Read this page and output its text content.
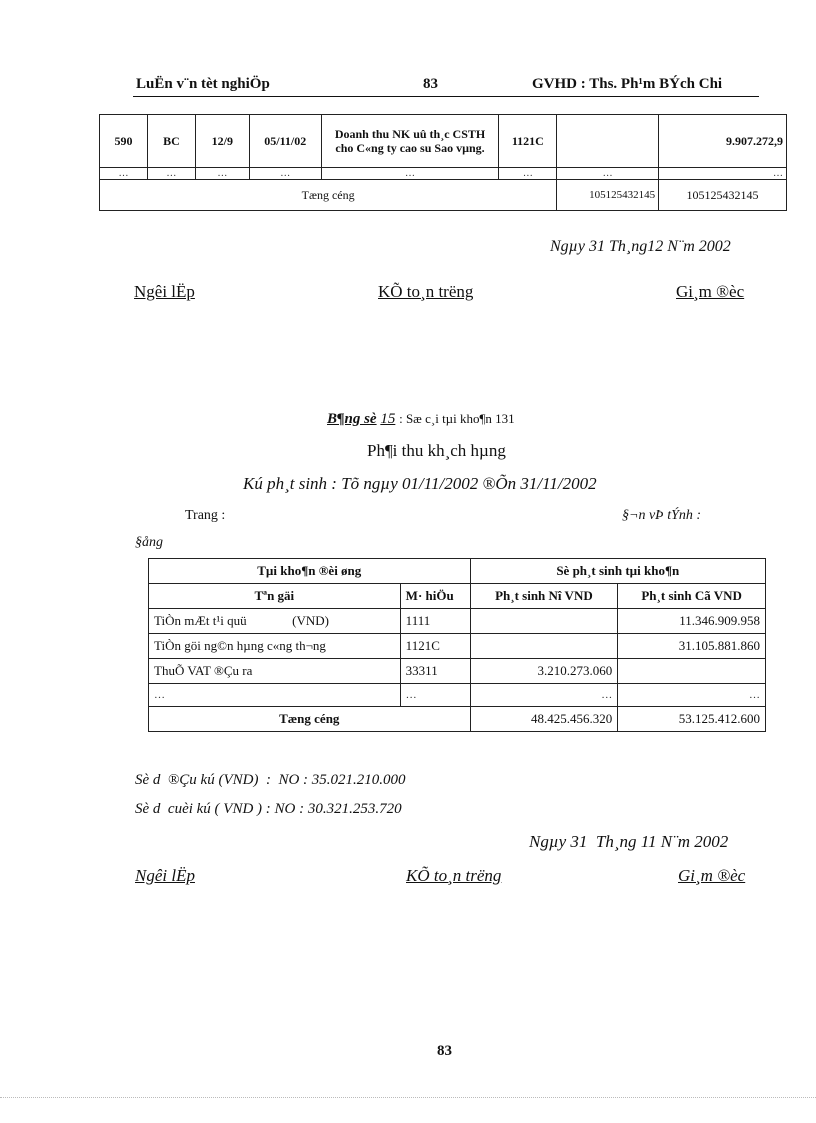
LuËn v¨n tèt nghiÖp	83	GVHD : Ths. Ph¹m BÝch Chi
590	BC	12/9	05/11/02	Doanh thu NK uû th¸c CSTH cho C«ng ty cao su Sao vµng.	1121C		9.907.272,9
…	…	…	…	…	…	…	…
Tæng céng						105125432145	105125432145
Ngµy 31 Th¸ng12 N¨m 2002
Ngêi lËp	KÕ to¸n trëng	Gi¸m ®èc
B¶ng sè 15 : Sæ c¸i tµi kho¶n 131
Ph¶i thu kh¸ch hµng
Kú ph¸t sinh : Tõ ngµy 01/11/2002 ®Õn 31/11/2002
Trang :	§¬n vÞ tÝnh :
§ång
Tµi kho¶n ®èi øng		Sè ph¸t sinh tµi kho¶n	
Tªn gäi	M· hiÖu	Ph¸t sinh Nî VND	Ph¸t sinh Cã VND
TiÒn mÆt t¹i quü              (VND)	1111		11.346.909.958
TiÒn göi ng©n hµng c«ng th¬ng	1121C		31.105.881.860
ThuÕ VAT ®Çu ra	33311	3.210.273.060	
…	…	…	…
Tæng céng		48.425.456.320	53.125.412.600
Sè d  ®Çu kú (VND)  :  NO : 35.021.210.000
Sè d  cuèi kú ( VND ) : NO : 30.321.253.720
Ngµy 31  Th¸ng 11 N¨m 2002
Ngêi lËp	KÕ to¸n trëng	Gi¸m ®èc
83
